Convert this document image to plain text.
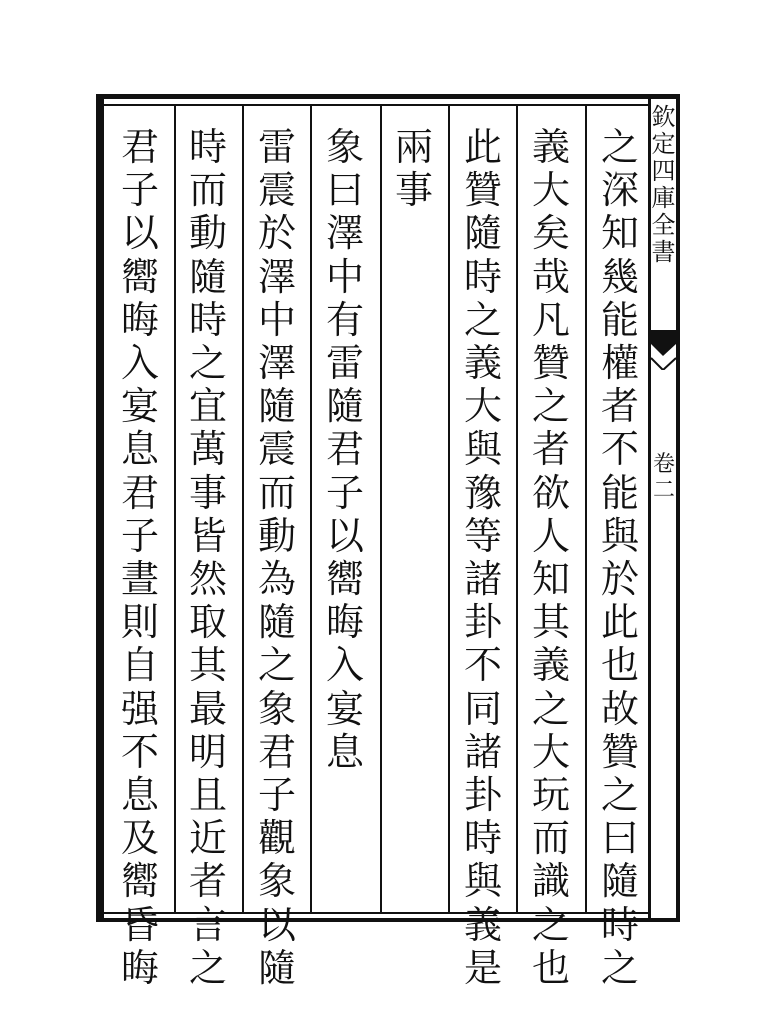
欽
定
四
庫
全
書
卷
二
之
深
知
幾
能
權
者
不
能
與
於
此
也
故
贊
之
曰
隨
時
之
義
大
矣
哉
凡
贊
之
者
欲
人
知
其
義
之
大
玩
而
識
之
也
此
贊
隨
時
之
義
大
與
豫
等
諸
卦
不
同
諸
卦
時
與
義
是
兩
事
象
曰
澤
中
有
雷
隨
君
子
以
嚮
晦
入
宴
息
雷
震
於
澤
中
澤
隨
震
而
動
為
隨
之
象
君
子
觀
象
以
隨
時
而
動
隨
時
之
宜
萬
事
皆
然
取
其
最
明
且
近
者
言
之
君
子
以
嚮
晦
入
宴
息
君
子
晝
則
自
强
不
息
及
嚮
昏
晦
